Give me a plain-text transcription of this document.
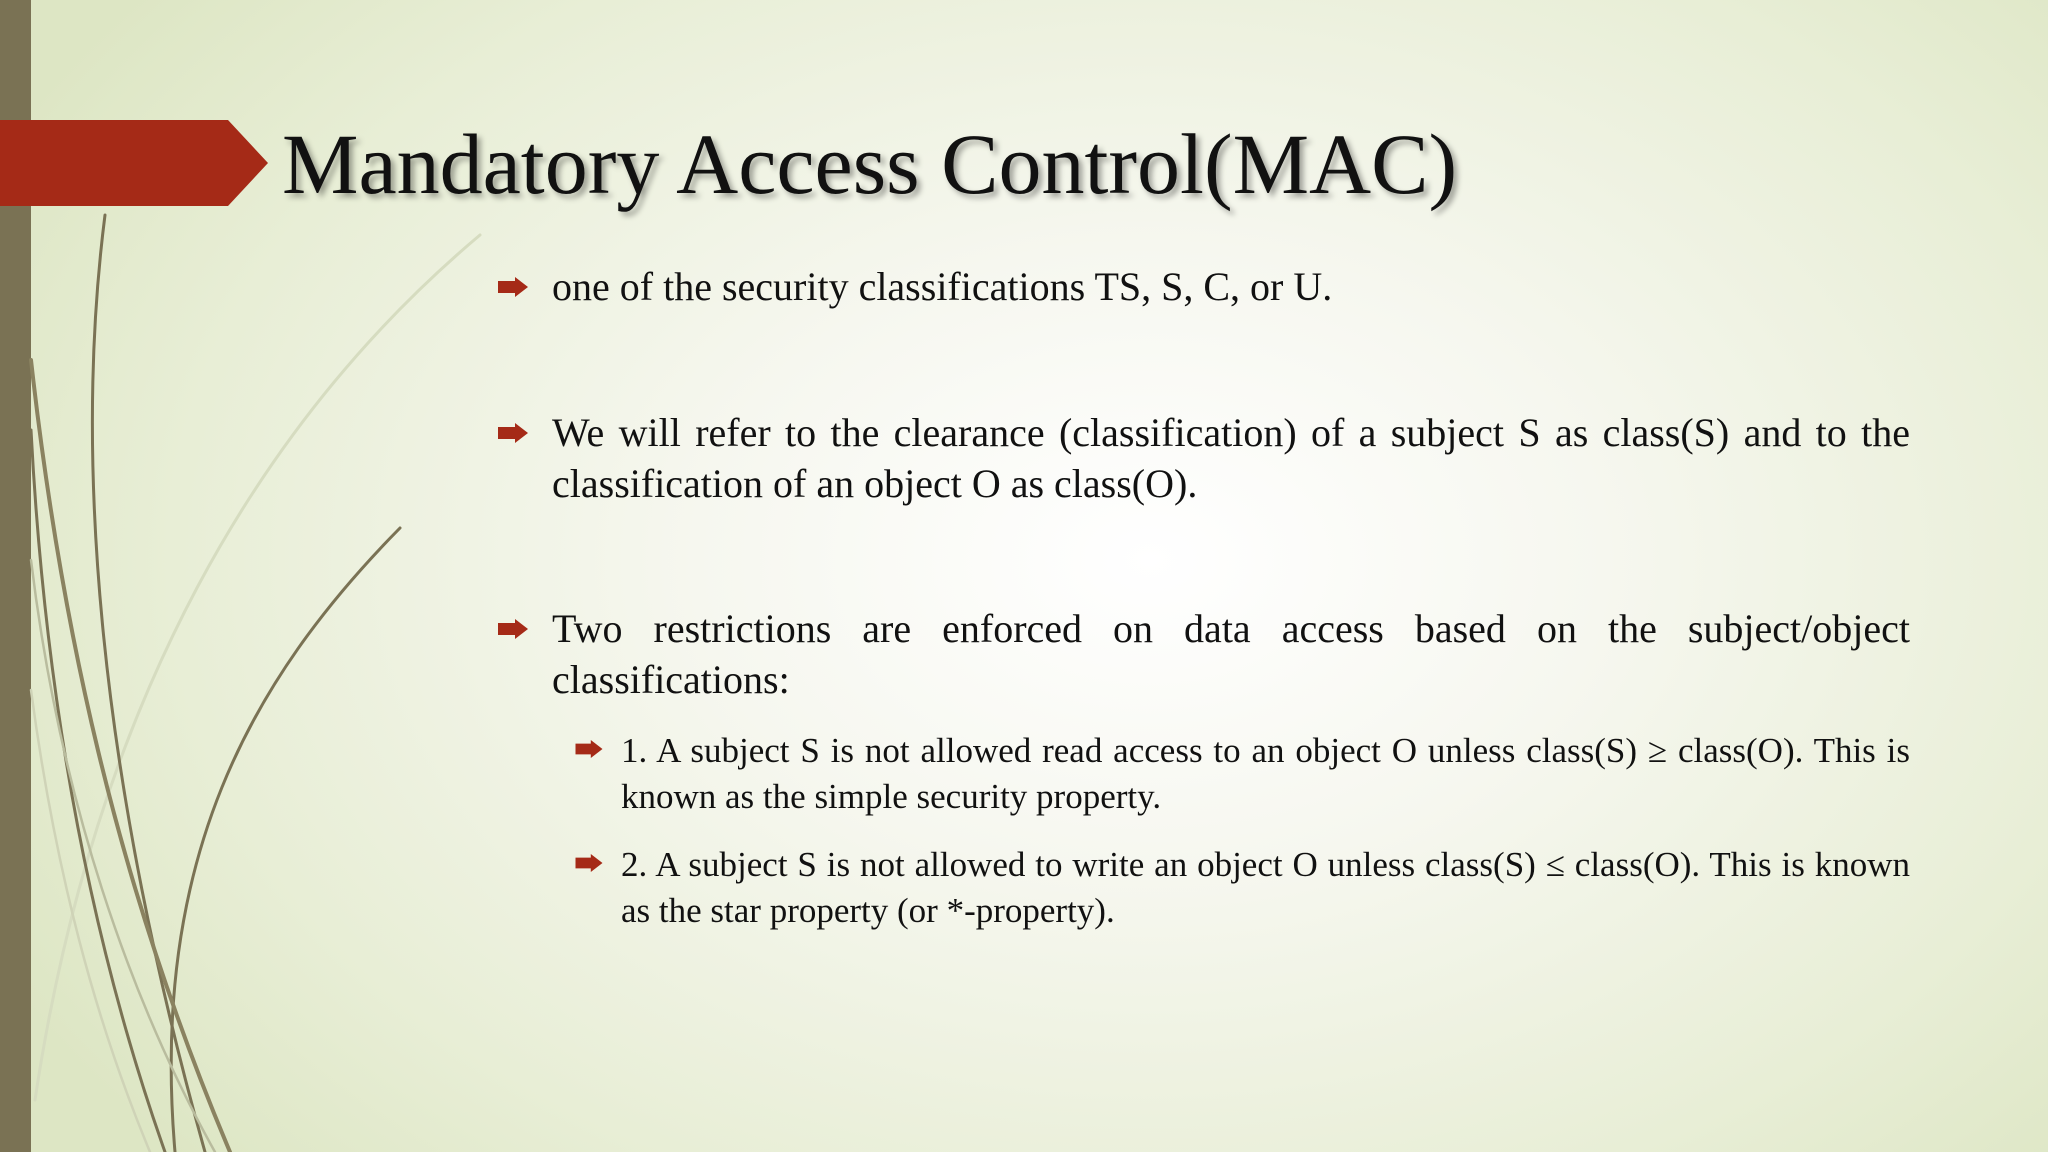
Mandatory Access Control(MAC)
one of the security classifications TS, S, C, or U.
We will refer to the clearance (classification) of a subject S as class(S) and to the classification of an object O as class(O).
Two restrictions are enforced on data access based on the subject/object classifications:
1. A subject S is not allowed read access to an object O unless class(S) ≥ class(O). This is known as the simple security property.
2. A subject S is not allowed to write an object O unless class(S) ≤ class(O). This is known as the star property (or *-property).
